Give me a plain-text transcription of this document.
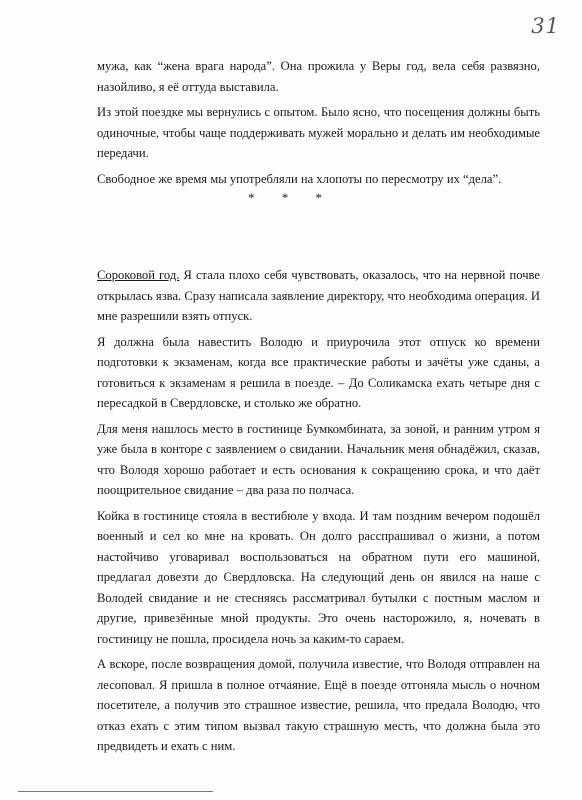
31

мужа, как “жена врага народа”. Она прожила у Веры год, вела себя развязно, назойливо, я её оттуда выставила.

Из этой поездке мы вернулись с опытом. Было ясно, что посещения должны быть одиночные, чтобы чаще поддерживать мужей морально и делать им необходимые передачи.

Свободное же время мы употребляли на хлопоты по пересмотру их “дела”.

* * *

Сороковой год. Я стала плохо себя чувствовать, оказалось, что на нервной почве открылась язва. Сразу написала заявление директору, что необходима операция. И мне разрешили взять отпуск.

Я должна была навестить Володю и приурочила этот отпуск ко времени подготовки к экзаменам, когда все практические работы и зачёты уже сданы, а готовиться к экзаменам я решила в поезде. – До Соликамска ехать четыре дня с пересадкой в Свердловске, и столько же обратно.

Для меня нашлось место в гостинице Бумкомбината, за зоной, и ранним утром я уже была в конторе с заявлением о свидании. Начальник меня обнадёжил, сказав, что Володя хорошо работает и есть основания к сокращению срока, и что даёт поощрительное свидание – два раза по полчаса.

Койка в гостинице стояла в вестибюле у входа. И там поздним вечером подошёл военный и сел ко мне на кровать. Он долго расспрашивал о жизни, а потом настойчиво уговаривал воспользоваться на обратном пути его машиной, предлагал довезти до Свердловска. На следующий день он явился на наше с Володей свидание и не стесняясь рассматривал бутылки с постным маслом и другие, привезённые мной продукты. Это очень насторожило, я, ночевать в гостиницу не пошла, просидела ночь за каким-то сараем.

А вскоре, после возвращения домой, получила известие, что Володя отправлен на лесоповал. Я пришла в полное отчаяние. Ещё в поезде отгоняла мысль о ночном посетителе, а получив это страшное известие, решила, что предала Володю, что отказ ехать с этим типом вызвал такую страшную месть, что должна была это предвидеть и ехать с ним.
